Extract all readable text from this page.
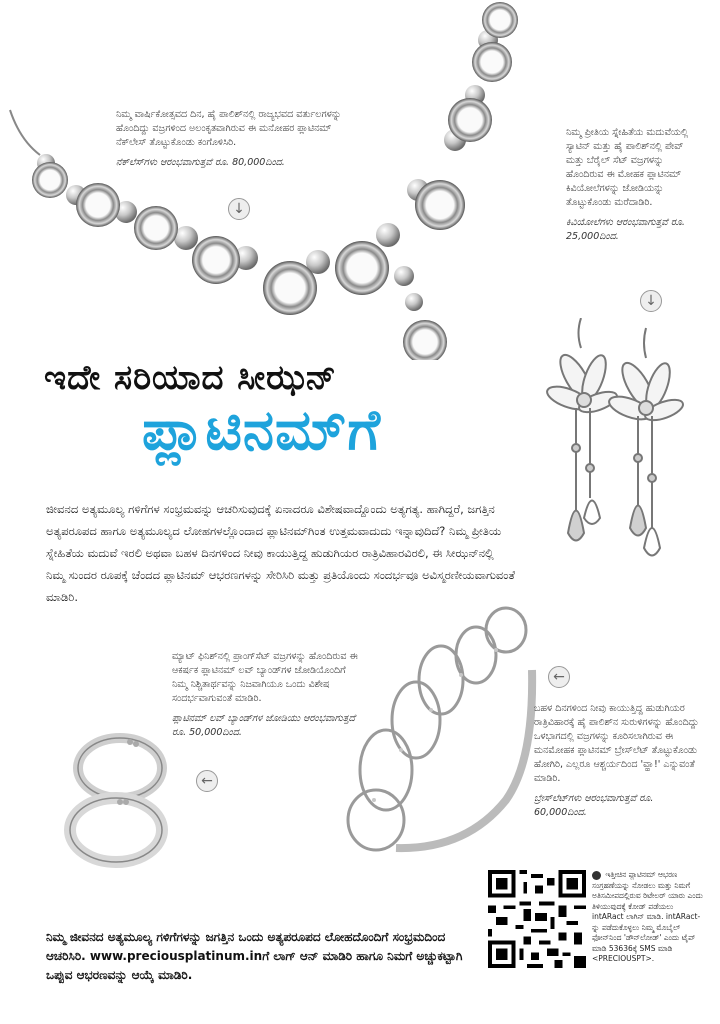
ನಿಮ್ಮ ವಾರ್ಷಿಕೋತ್ಸವದ ದಿನ, ಹೈ ಪಾಲಿಶ್‌ನಲ್ಲಿ ರಾಜ್ಯಭವದ ವರ್ತುಲಗಳನ್ನು ಹೊಂದಿದ್ದು ವಜ್ರಗಳಿಂದ ಅಲಂಕೃತವಾಗಿರುವ ಈ ಮನೋಹರ ಪ್ಲಾಟಿನಮ್ ನೆಕ್‌ಲೇಸ್ ತೊಟ್ಟುಕೊಂಡು ಕಂಗೊಳಿಸಿರಿ.
ನೆಕ್‌ಲೆಸ್‌ಗಳು ಆರಂಭವಾಗುತ್ತವೆ ರೂ. 80,000ದಿಂದ.
↓
ನಿಮ್ಮ ಪ್ರೀತಿಯ ಸ್ನೇಹಿತೆಯ ಮದುವೆಯಲ್ಲಿ ಸ್ಯಾಟಿನ್ ಮತ್ತು ಹೈ ಪಾಲಿಶ್‌ನಲ್ಲಿ ಪೇವ್ ಮತ್ತು ಬೆರೈಲ್ ಸೆಟ್ ವಜ್ರಗಳನ್ನು ಹೊಂದಿರುವ ಈ ಮೋಹಕ ಪ್ಲಾಟಿನಮ್ ಕಿವಿಯೋಲೆಗಳನ್ನು ಜೋಡಿಯನ್ನು ತೊಟ್ಟುಕೊಂಡು ಮರೆದಾಡಿರಿ.
ಕಿವಿಯೋಲೆಗಳು ಆರಂಭವಾಗುತ್ತವೆ ರೂ. 25,000ದಿಂದ.
↓
ಇದೇ ಸರಿಯಾದ ಸೀಝನ್
ಪ್ಲಾಟಿನಮ್‌ಗೆ
ಜೀವನದ ಅತ್ಯಮೂಲ್ಯ ಗಳಿಗೆಗಳ ಸಂಭ್ರಮವನ್ನು ಆಚರಿಸುವುದಕ್ಕೆ ಏನಾದರೂ ವಿಶೇಷವಾದ್ದೊಂದು ಅತ್ಯಗತ್ಯ. ಹಾಗಿದ್ದರೆ, ಜಗತ್ತಿನ ಅತ್ಯಪರೂಪದ ಹಾಗೂ ಅತ್ಯಮೂಲ್ಯದ ಲೋಹಗಳಲ್ಲೊಂದಾದ ಪ್ಲಾಟಿನಮ್‌ಗಿಂತ ಉತ್ತಮವಾದುದು ಇನ್ನಾವುದಿದೆ? ನಿಮ್ಮ ಪ್ರೀತಿಯ ಸ್ನೇಹಿತೆಯ ಮದುವೆ ಇರಲಿ ಅಥವಾ ಬಹಳ ದಿನಗಳಿಂದ ನೀವು ಕಾಯುತ್ತಿದ್ದ ಹುಡುಗಿಯರ ರಾತ್ರಿವಿಹಾರವಿರಲಿ, ಈ ಸೀಝನ್‌ನಲ್ಲಿ ನಿಮ್ಮ ಸುಂದರ ರೂಪಕ್ಕೆ ಚೆಂದದ ಪ್ಲಾಟಿನಮ್ ಆಭರಣಗಳನ್ನು ಸೇರಿಸಿರಿ ಮತ್ತು ಪ್ರತಿಯೊಂದು ಸಂದರ್ಭವೂ ಅವಿಸ್ಮರಣೀಯವಾಗುವಂತೆ ಮಾಡಿರಿ.
ಮ್ಯಾಟ್ ಫಿನಿಶ್‌ನಲ್ಲಿ ಪ್ರಾಂಗ್‌ಸೆಟ್ ವಜ್ರಗಳನ್ನು ಹೊಂದಿರುವ ಈ ಆಕರ್ಷಕ ಪ್ಲಾಟಿನಮ್ ಲವ್ ಬ್ಯಾಂಡ್‌ಗಳ ಜೋಡಿಯೊಂದಿಗೆ ನಿಮ್ಮ ನಿಶ್ಚಿತಾರ್ಥವನ್ನು ನಿಜವಾಗಿಯೂ ಒಂದು ವಿಶೇಷ ಸಂದರ್ಭವಾಗುವಂತೆ ಮಾಡಿರಿ.
ಪ್ಲಾಟಿನಮ್ ಲವ್ ಬ್ಯಾಂಡ್‌ಗಳ ಜೋಡಿಯು ಆರಂಭವಾಗುತ್ತದೆ ರೂ. 50,000ದಿಂದ.
←
←
ಬಹಳ ದಿನಗಳಿಂದ ನೀವು ಕಾಯುತ್ತಿದ್ದ ಹುಡುಗಿಯರ ರಾತ್ರಿವಿಹಾರಕ್ಕೆ ಹೈ ಪಾಲಿಶ್‌ನ ಸುರುಳಿಗಳನ್ನು ಹೊಂದಿದ್ದು ಒಳಭಾಗದಲ್ಲಿ ವಜ್ರಗಳನ್ನು ಕೂರಿಸಲಾಗಿರುವ ಈ ಮನಮೋಹಕ ಪ್ಲಾಟಿನಮ್ ಬ್ರೇಸ್‌ಲೆಟ್ ತೊಟ್ಟುಕೊಂಡು ಹೋಗಿರಿ, ಎಲ್ಲರೂ ಆಶ್ಚರ್ಯದಿಂದ 'ವ್ಹಾ!' ಎನ್ನುವಂತೆ ಮಾಡಿರಿ.
ಬ್ರೇಸ್‌ಲೆಟ್‌ಗಳು ಆರಂಭವಾಗುತ್ತವೆ ರೂ. 60,000ದಿಂದ.
ನಿಮ್ಮ ಜೀವನದ ಅತ್ಯಮೂಲ್ಯ ಗಳಿಗೆಗಳನ್ನು ಜಗತ್ತಿನ ಒಂದು ಅತ್ಯಪರೂಪದ ಲೋಹದೊಂದಿಗೆ ಸಂಭ್ರಮದಿಂದ ಆಚರಿಸಿರಿ. www.preciousplatinum.inಗೆ ಲಾಗ್ ಆನ್ ಮಾಡಿರಿ ಹಾಗೂ ನಿಮಗೆ ಅಚ್ಚುಕಟ್ಟಾಗಿ ಒಪ್ಪುವ ಆಭರಣವನ್ನು ಆಯ್ಕೆ ಮಾಡಿರಿ.
ಇತ್ತೀಚಿನ ಪ್ಲಾಟಿನಮ್ ಆಭರಣ ಸಂಗ್ರಹಣೆಯನ್ನು ನೋಡಲು ಮತ್ತು ನಿಮಗೆ ಅತಿಸಮೀಪದಲ್ಲಿರುವ ರಿಟೇಲರ್ ಯಾರು ಎಂದು ತಿಳಿಯುವುದಕ್ಕೆ ಕೋಡ್ ಪಡೆಯಲು intARact ಲಾಗಿನ್ ಮಾಡಿ. intARact-ನ್ನು ಪಡೆದುಕೊಳ್ಳಲು ನಿಮ್ಮ ಮೊಬೈಲ್ ಫೋನ್‌ನಿಂದ 'ಡೌನ್‌ಲೋಡ್' ಎಂದು ಟೈಪ್ ಮಾಡಿ 53636ಕ್ಕೆ SMS ಮಾಡಿ <PRECIOUSPT>.
